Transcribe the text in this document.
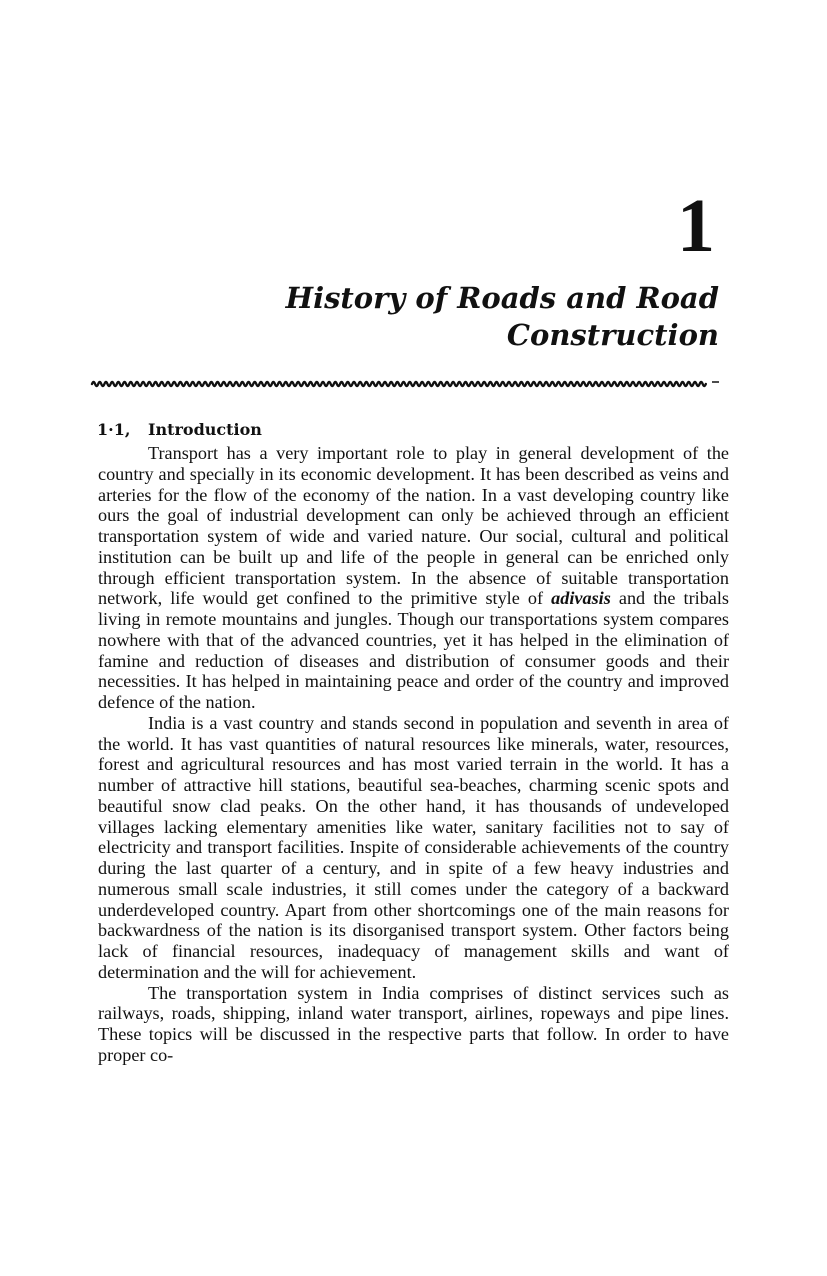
1
History of Roads and Road
Construction
1·1, Introduction

Transport has a very important role to play in general development of the country and specially in its economic development. It has been described as veins and arteries for the flow of the economy of the nation. In a vast developing country like ours the goal of industrial development can only be achieved through an efficient transportation system of wide and varied nature. Our social, cultural and political institution can be built up and life of the people in general can be enriched only through efficient transportation system. In the absence of suitable transportation network, life would get confined to the primitive style of adivasis and the tribals living in remote mountains and jungles. Though our transportations system compares nowhere with that of the advanced countries, yet it has helped in the elimination of famine and reduction of diseases and distribution of consumer goods and their necessities. It has helped in maintaining peace and order of the country and improved defence of the nation.

India is a vast country and stands second in population and seventh in area of the world. It has vast quantities of natural resources like minerals, water, resources, forest and agricultural resources and has most varied terrain in the world. It has a number of attractive hill stations, beautiful sea-beaches, charming scenic spots and beautiful snow clad peaks. On the other hand, it has thousands of undeveloped villages lacking elementary amenities like water, sanitary facilities not to say of electricity and transport facilities. Inspite of considerable achievements of the country during the last quarter of a century, and in spite of a few heavy industries and numerous small scale industries, it still comes under the category of a backward underdeveloped country. Apart from other shortcomings one of the main reasons for backwardness of the nation is its disorganised transport system. Other factors being lack of financial resources, inadequacy of management skills and want of determination and the will for achievement.

The transportation system in India comprises of distinct services such as railways, roads, shipping, inland water transport, airlines, ropeways and pipe lines. These topics will be discussed in the respective parts that follow. In order to have proper co-
